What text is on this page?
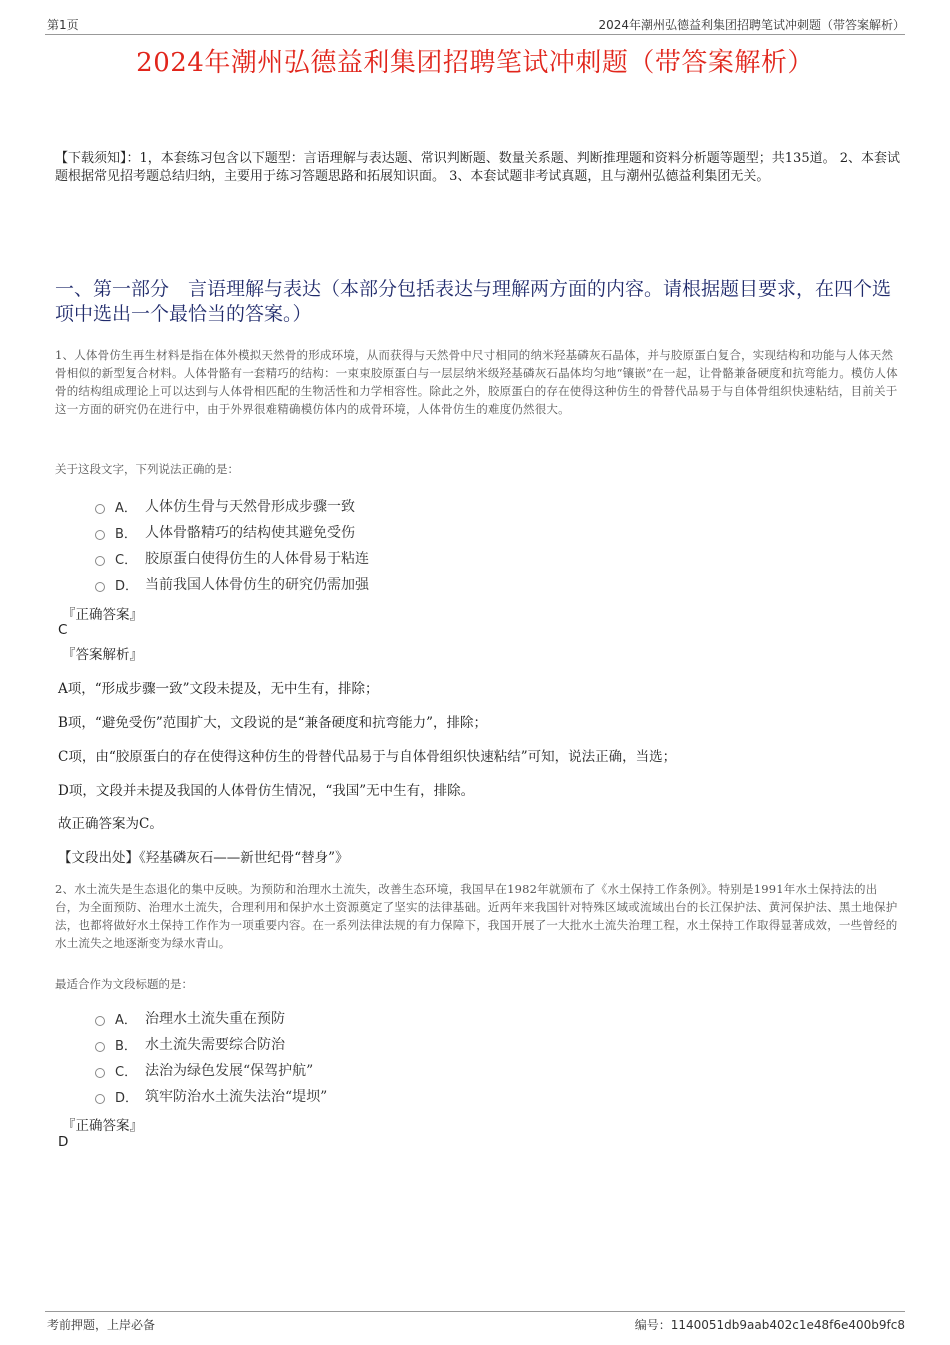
第1页	2024年潮州弘德益利集团招聘笔试冲刺题（带答案解析）
2024年潮州弘德益利集团招聘笔试冲刺题（带答案解析）

【下载须知】：1，本套练习包含以下题型：言语理解与表达题、常识判断题、数量关系题、判断推理题和资料分析题等题型；共135道。 2、本套试题根据常见招考题总结归纳，主要用于练习答题思路和拓展知识面。 3、本套试题非考试真题，且与潮州弘德益利集团无关。

一、第一部分　言语理解与表达（本部分包括表达与理解两方面的内容。请根据题目要求，在四个选项中选出一个最恰当的答案。）

1、人体骨仿生再生材料是指在体外模拟天然骨的形成环境，从而获得与天然骨中尺寸相同的纳米羟基磷灰石晶体，并与胶原蛋白复合，实现结构和功能与人体天然骨相似的新型复合材料。人体骨骼有一套精巧的结构：一束束胶原蛋白与一层层纳米级羟基磷灰石晶体均匀地“镶嵌”在一起，让骨骼兼备硬度和抗弯能力。模仿人体骨的结构组成理论上可以达到与人体骨相匹配的生物活性和力学相容性。除此之外，胶原蛋白的存在使得这种仿生的骨替代品易于与自体骨组织快速粘结，目前关于这一方面的研究仍在进行中，由于外界很难精确模仿体内的成骨环境，人体骨仿生的难度仍然很大。

关于这段文字，下列说法正确的是：

A． 人体仿生骨与天然骨形成步骤一致
B． 人体骨骼精巧的结构使其避免受伤
C． 胶原蛋白使得仿生的人体骨易于粘连
D． 当前我国人体骨仿生的研究仍需加强

『正确答案』

C

『答案解析』

A项，“形成步骤一致”文段未提及，无中生有，排除；

B项，“避免受伤”范围扩大，文段说的是“兼备硬度和抗弯能力”，排除；

C项，由“胶原蛋白的存在使得这种仿生的骨替代品易于与自体骨组织快速粘结”可知，说法正确，当选；

D项，文段并未提及我国的人体骨仿生情况，“我国”无中生有，排除。

故正确答案为C。

【文段出处】《羟基磷灰石——新世纪骨“替身”》

2、水土流失是生态退化的集中反映。为预防和治理水土流失，改善生态环境，我国早在1982年就颁布了《水土保持工作条例》。特别是1991年水土保持法的出台，为全面预防、治理水土流失，合理利用和保护水土资源奠定了坚实的法律基础。近两年来我国针对特殊区域或流域出台的长江保护法、黄河保护法、黑土地保护法，也都将做好水土保持工作作为一项重要内容。在一系列法律法规的有力保障下，我国开展了一大批水土流失治理工程，水土保持工作取得显著成效，一些曾经的水土流失之地逐渐变为绿水青山。

最适合作为文段标题的是：

A． 治理水土流失重在预防
B． 水土流失需要综合防治
C． 法治为绿色发展“保驾护航”
D． 筑牢防治水土流失法治“堤坝”

『正确答案』

D

考前押题，上岸必备	编号：1140051db9aab402c1e48f6e400b9fc8
